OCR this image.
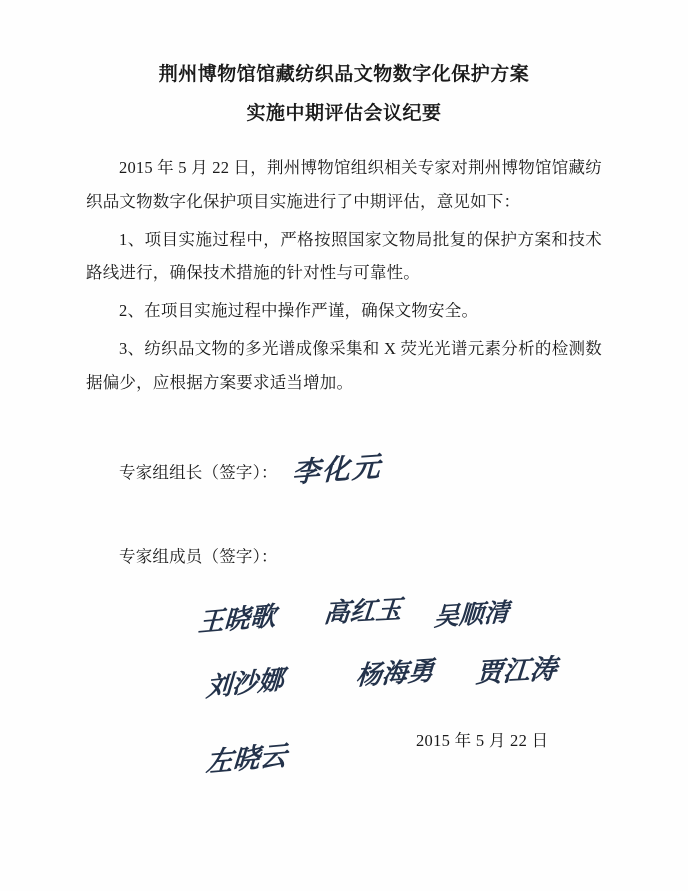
荆州博物馆馆藏纺织品文物数字化保护方案
实施中期评估会议纪要
2015 年 5 月 22 日，荆州博物馆组织相关专家对荆州博物馆馆藏纺织品文物数字化保护项目实施进行了中期评估，意见如下：
1、项目实施过程中，严格按照国家文物局批复的保护方案和技术路线进行，确保技术措施的针对性与可靠性。
2、在项目实施过程中操作严谨，确保文物安全。
3、纺织品文物的多光谱成像采集和 X 荧光光谱元素分析的检测数据偏少，应根据方案要求适当增加。
专家组组长（签字）： 李化元
专家组成员（签字）：
王晓歌 高红玉 吴顺清
刘沙娜	杨海勇 贾江涛
左晓云	2015 年 5 月 22 日
